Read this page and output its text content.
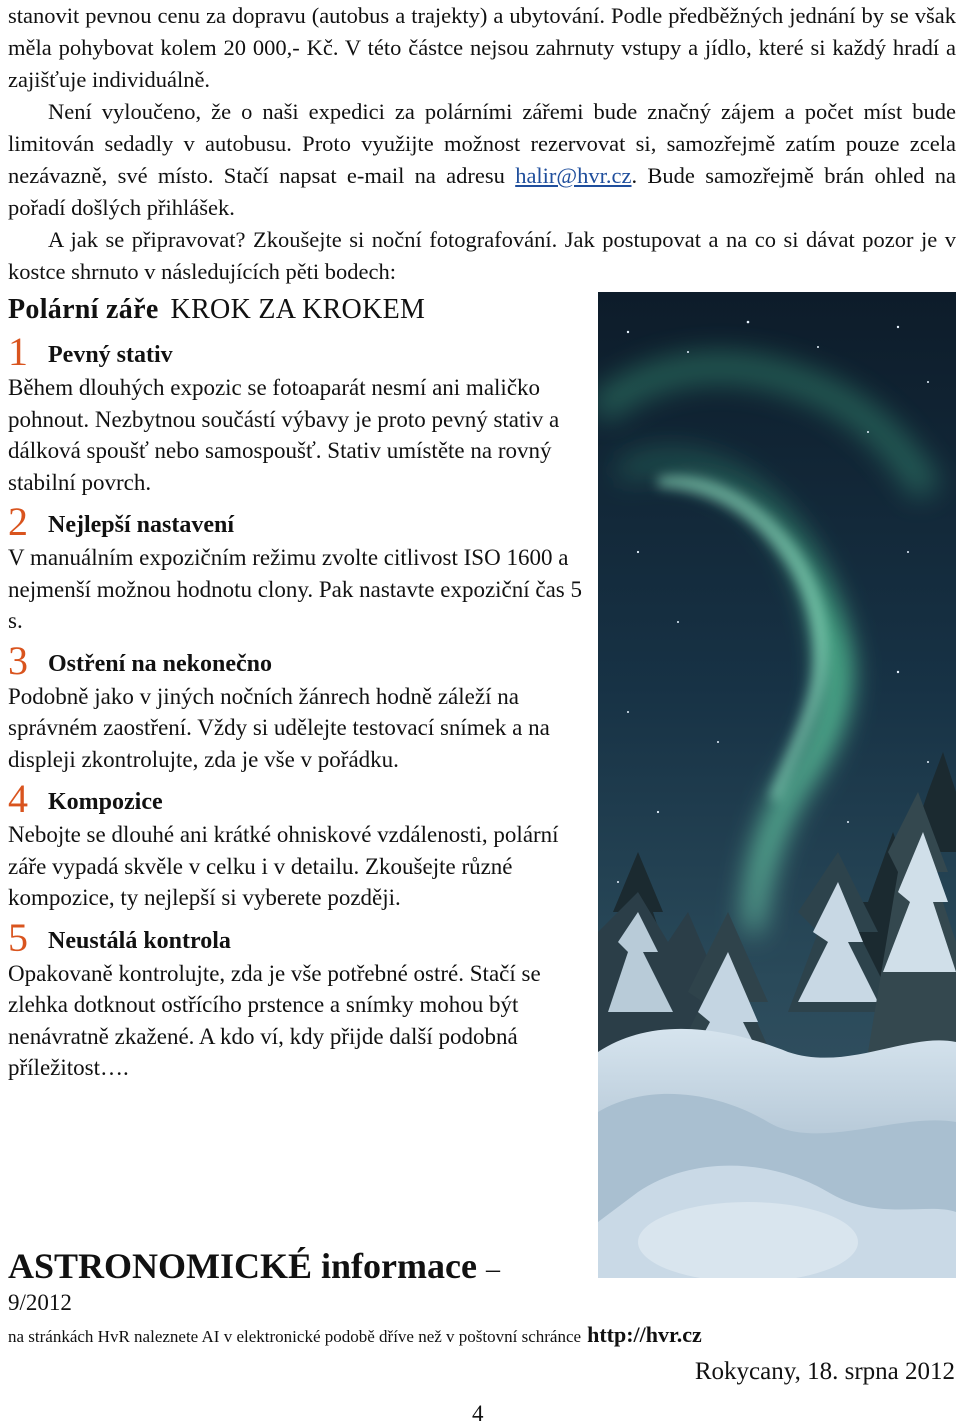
stanovit pevnou cenu za dopravu (autobus a trajekty) a ubytování. Podle předběžných jednání by se však měla pohybovat kolem 20 000,- Kč. V této částce nejsou zahrnuty vstupy a jídlo, které si každý hradí a zajišťuje individuálně.

Není vyloučeno, že o naši expedici za polárními zářemi bude značný zájem a počet míst bude limitován sedadly v autobusu. Proto využijte možnost rezervovat si, samozřejmě zatím pouze zcela nezávazně, své místo. Stačí napsat e-mail na adresu halir@hvr.cz. Bude samozřejmě brán ohled na pořadí došlých přihlášek.

A jak se připravovat? Zkoušejte si noční fotografování. Jak postupovat a na co si dávat pozor je v kostce shrnuto v následujících pěti bodech:

Polární záře KROK ZA KROKEM
1 Pevný stativ

Během dlouhých expozic se fotoaparát nesmí ani maličko pohnout. Nezbytnou součástí výbavy je proto pevný stativ a dálková spoušť nebo samospoušť. Stativ umístěte na rovný stabilní povrch.

2 Nejlepší nastavení

V manuálním expozičním režimu zvolte citlivost ISO 1600 a nejmenší možnou hodnotu clony. Pak nastavte expoziční čas 5 s.

3 Ostření na nekonečno

Podobně jako v jiných nočních žánrech hodně záleží na správném zaostření. Vždy si udělejte testovací snímek a na displeji zkontrolujte, zda je vše v pořádku.

4 Kompozice

Nebojte se dlouhé ani krátké ohniskové vzdálenosti, polární záře vypadá skvěle v celku i v detailu. Zkoušejte různé kompozice, ty nejlepší si vyberete později.

5 Neustálá kontrola

Opakovaně kontrolujte, zda je vše potřebné ostré. Stačí se zlehka dotknout ostřícího prstence a snímky mohou být nenávratně zkažené. A kdo ví, kdy přijde další podobná příležitost….

ASTRONOMICKÉ informace –
9/2012
na stránkách HvR naleznete AI v elektronické podobě dříve než v poštovní schránce http://hvr.cz
Rokycany, 18. srpna 2012
4
